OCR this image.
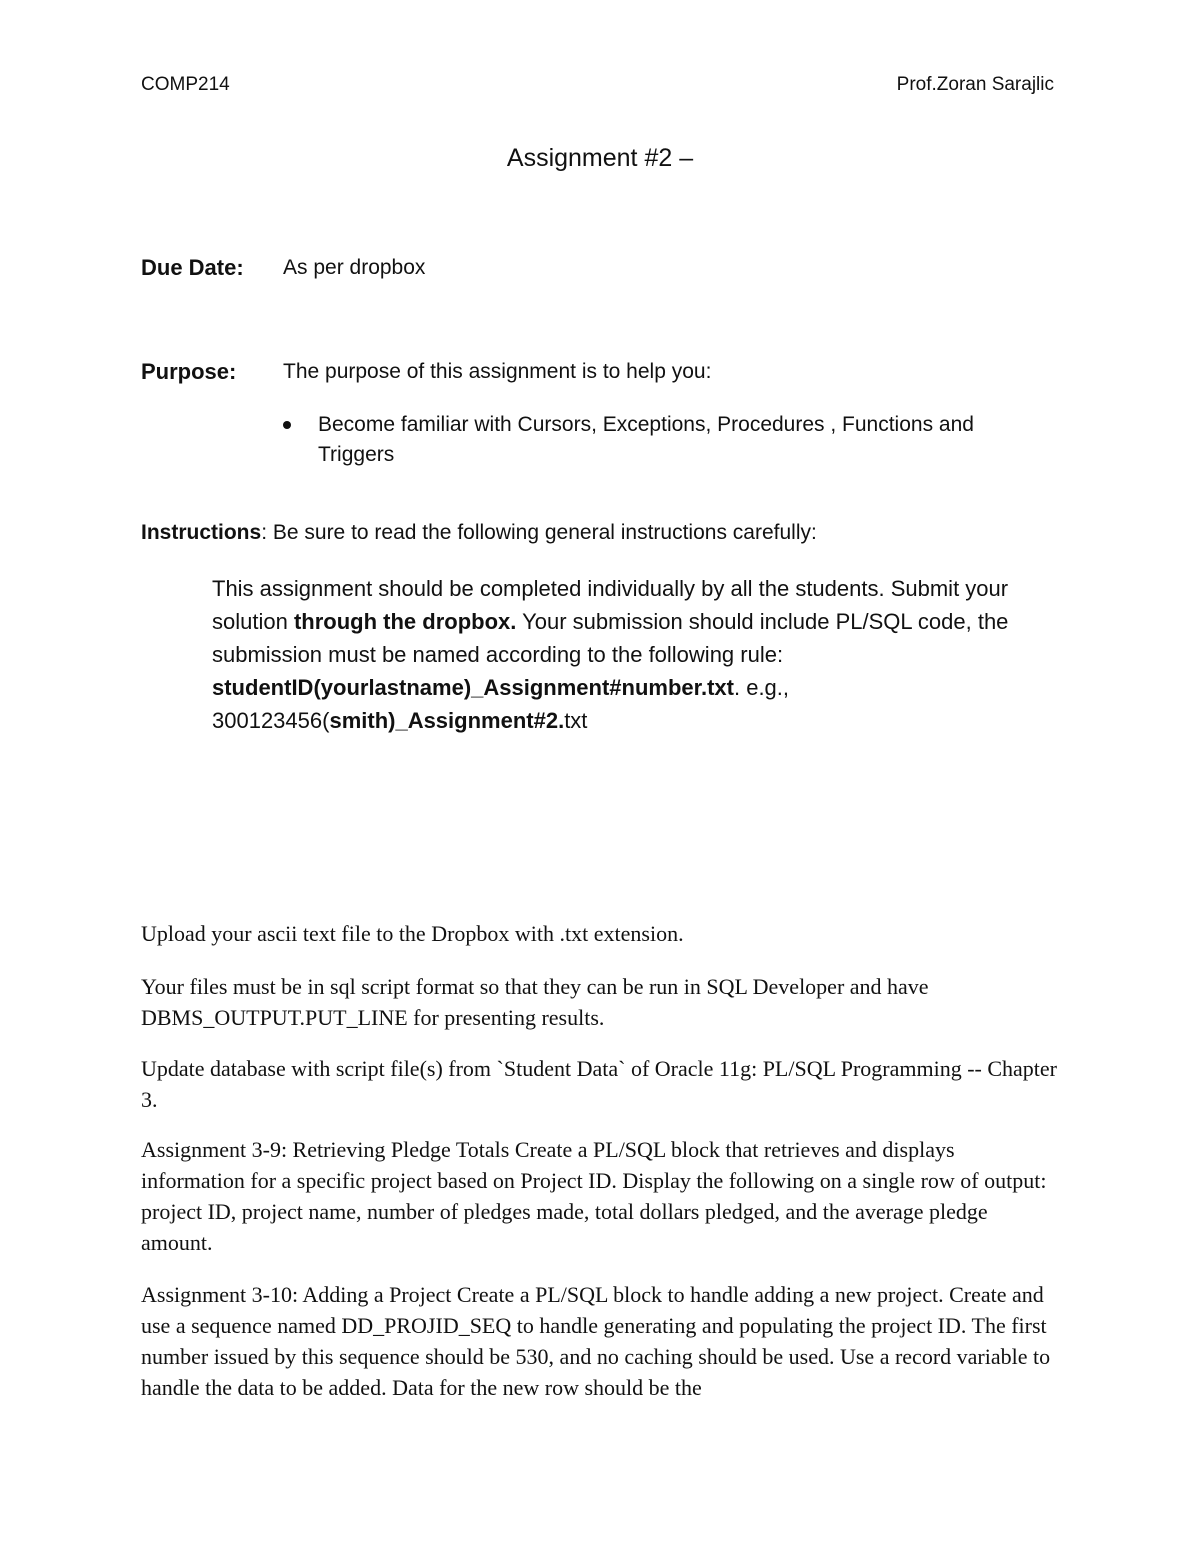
COMP214	Prof.Zoran Sarajlic

Assignment #2 –

Due Date: As per dropbox

Purpose: The purpose of this assignment is to help you:

Become familiar with Cursors, Exceptions, Procedures , Functions and Triggers

Instructions: Be sure to read the following general instructions carefully:

This assignment should be completed individually by all the students. Submit your
solution through the dropbox. Your submission should include PL/SQL code, the
submission must be named according to the following rule:
studentID(yourlastname)_Assignment#number.txt. e.g.,
300123456(smith)_Assignment#2.txt
Upload your ascii text file to the Dropbox with .txt extension.
Your files must be in sql script format so that they can be run in SQL Developer and have DBMS_OUTPUT.PUT_LINE for presenting results.
Update database with script file(s) from `Student Data` of Oracle 11g: PL/SQL Programming -- Chapter 3.
Assignment 3-9: Retrieving Pledge Totals Create a PL/SQL block that retrieves and displays information for a specific project based on Project ID. Display the following on a single row of output: project ID, project name, number of pledges made, total dollars pledged, and the average pledge amount.
Assignment 3-10: Adding a Project Create a PL/SQL block to handle adding a new project. Create and use a sequence named DD_PROJID_SEQ to handle generating and populating the project ID. The first number issued by this sequence should be 530, and no caching should be used. Use a record variable to handle the data to be added. Data for the new row should be the
